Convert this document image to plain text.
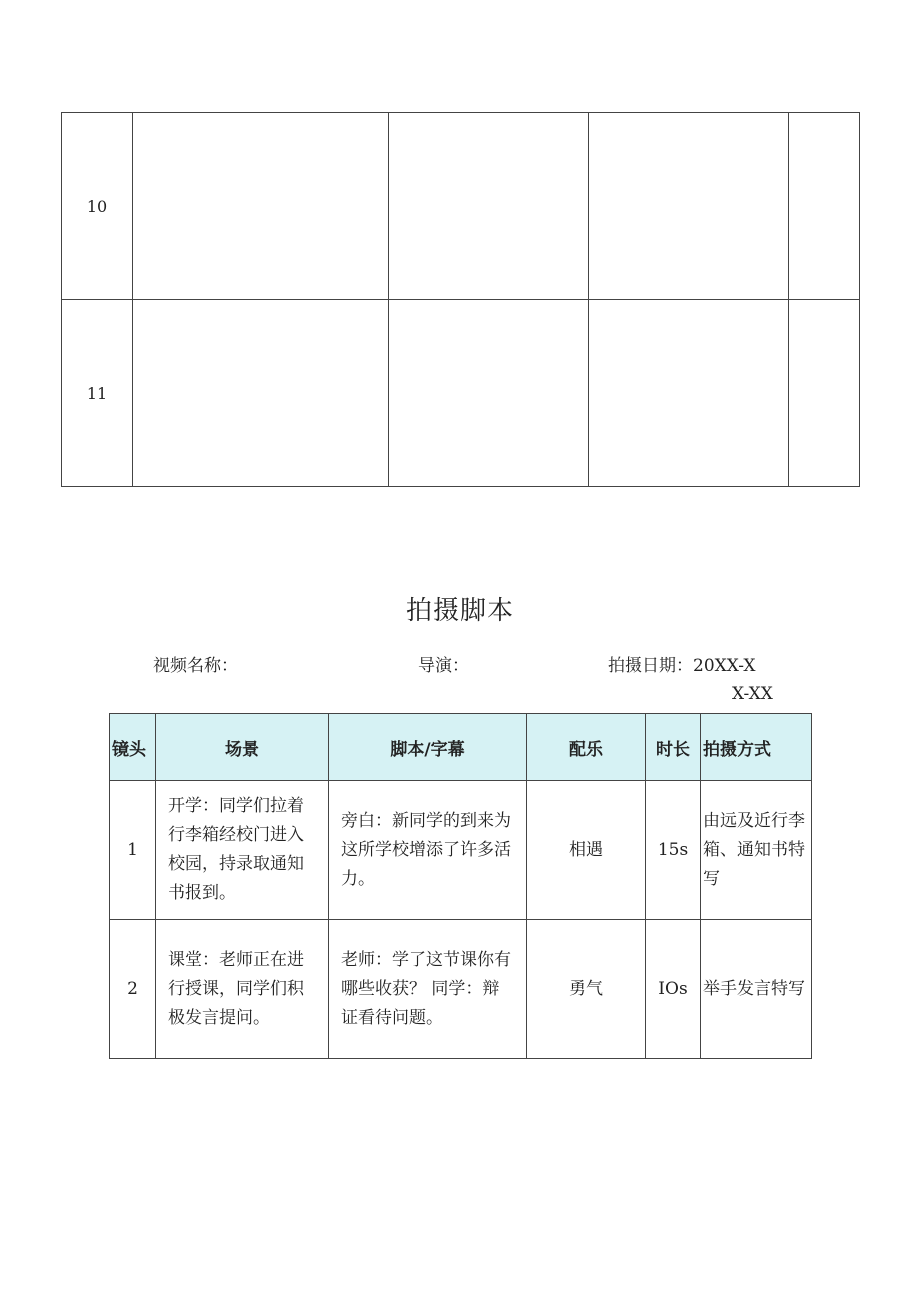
10				
11				
拍摄脚本
视频名称：	导演：	拍摄日期：20XX-X
X-XX
镜头	场景	脚本/字幕	配乐	时长	拍摄方式
1	开学：同学们拉着行李箱经校门进入校园，持录取通知书报到。	旁白：新同学的到来为这所学校增添了许多活力。	相遇	15s	由远及近行李箱、通知书特写
2	课堂：老师正在进行授课，同学们积极发言提问。	老师：学了这节课你有哪些收获？ 同学：辩证看待问题。	勇气	IOs	举手发言特写
